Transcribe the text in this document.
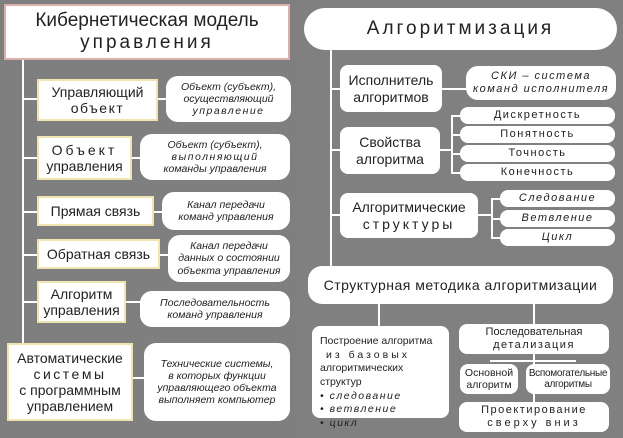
Кибернетическая модель
управления
Управляющий
объект
Объект (субъект),
осуществляющий
управление
Объект
управления
Объект (субъект),
выполняющий
команды управления
Прямая связь	Канал передачи
команд управления
Обратная связь	Канал передачи
данных о состоянии
объекта управления
Алгоритм
управления	Последовательность
команд управления
Автоматические
системы
с программным
управлением
Технические системы,
в которых функции
управляющего объекта
выполняет компьютер
Алгоритмизация
Исполнитель
алгоритмов
СКИ – система
команд исполнителя
Свойства
алгоритма
Дискретность
Понятность
Точность
Конечность
Алгоритмические
структуры
Следование
Ветвление
Цикл
Структурная методика алгоритмизации
Построение алгоритма
из базовых
алгоритмических структур
• следование
• ветвление
• цикл
Последовательная
детализация
Основной
алгоритм
Вспомогательные
алгоритмы
Проектирование
сверху вниз
